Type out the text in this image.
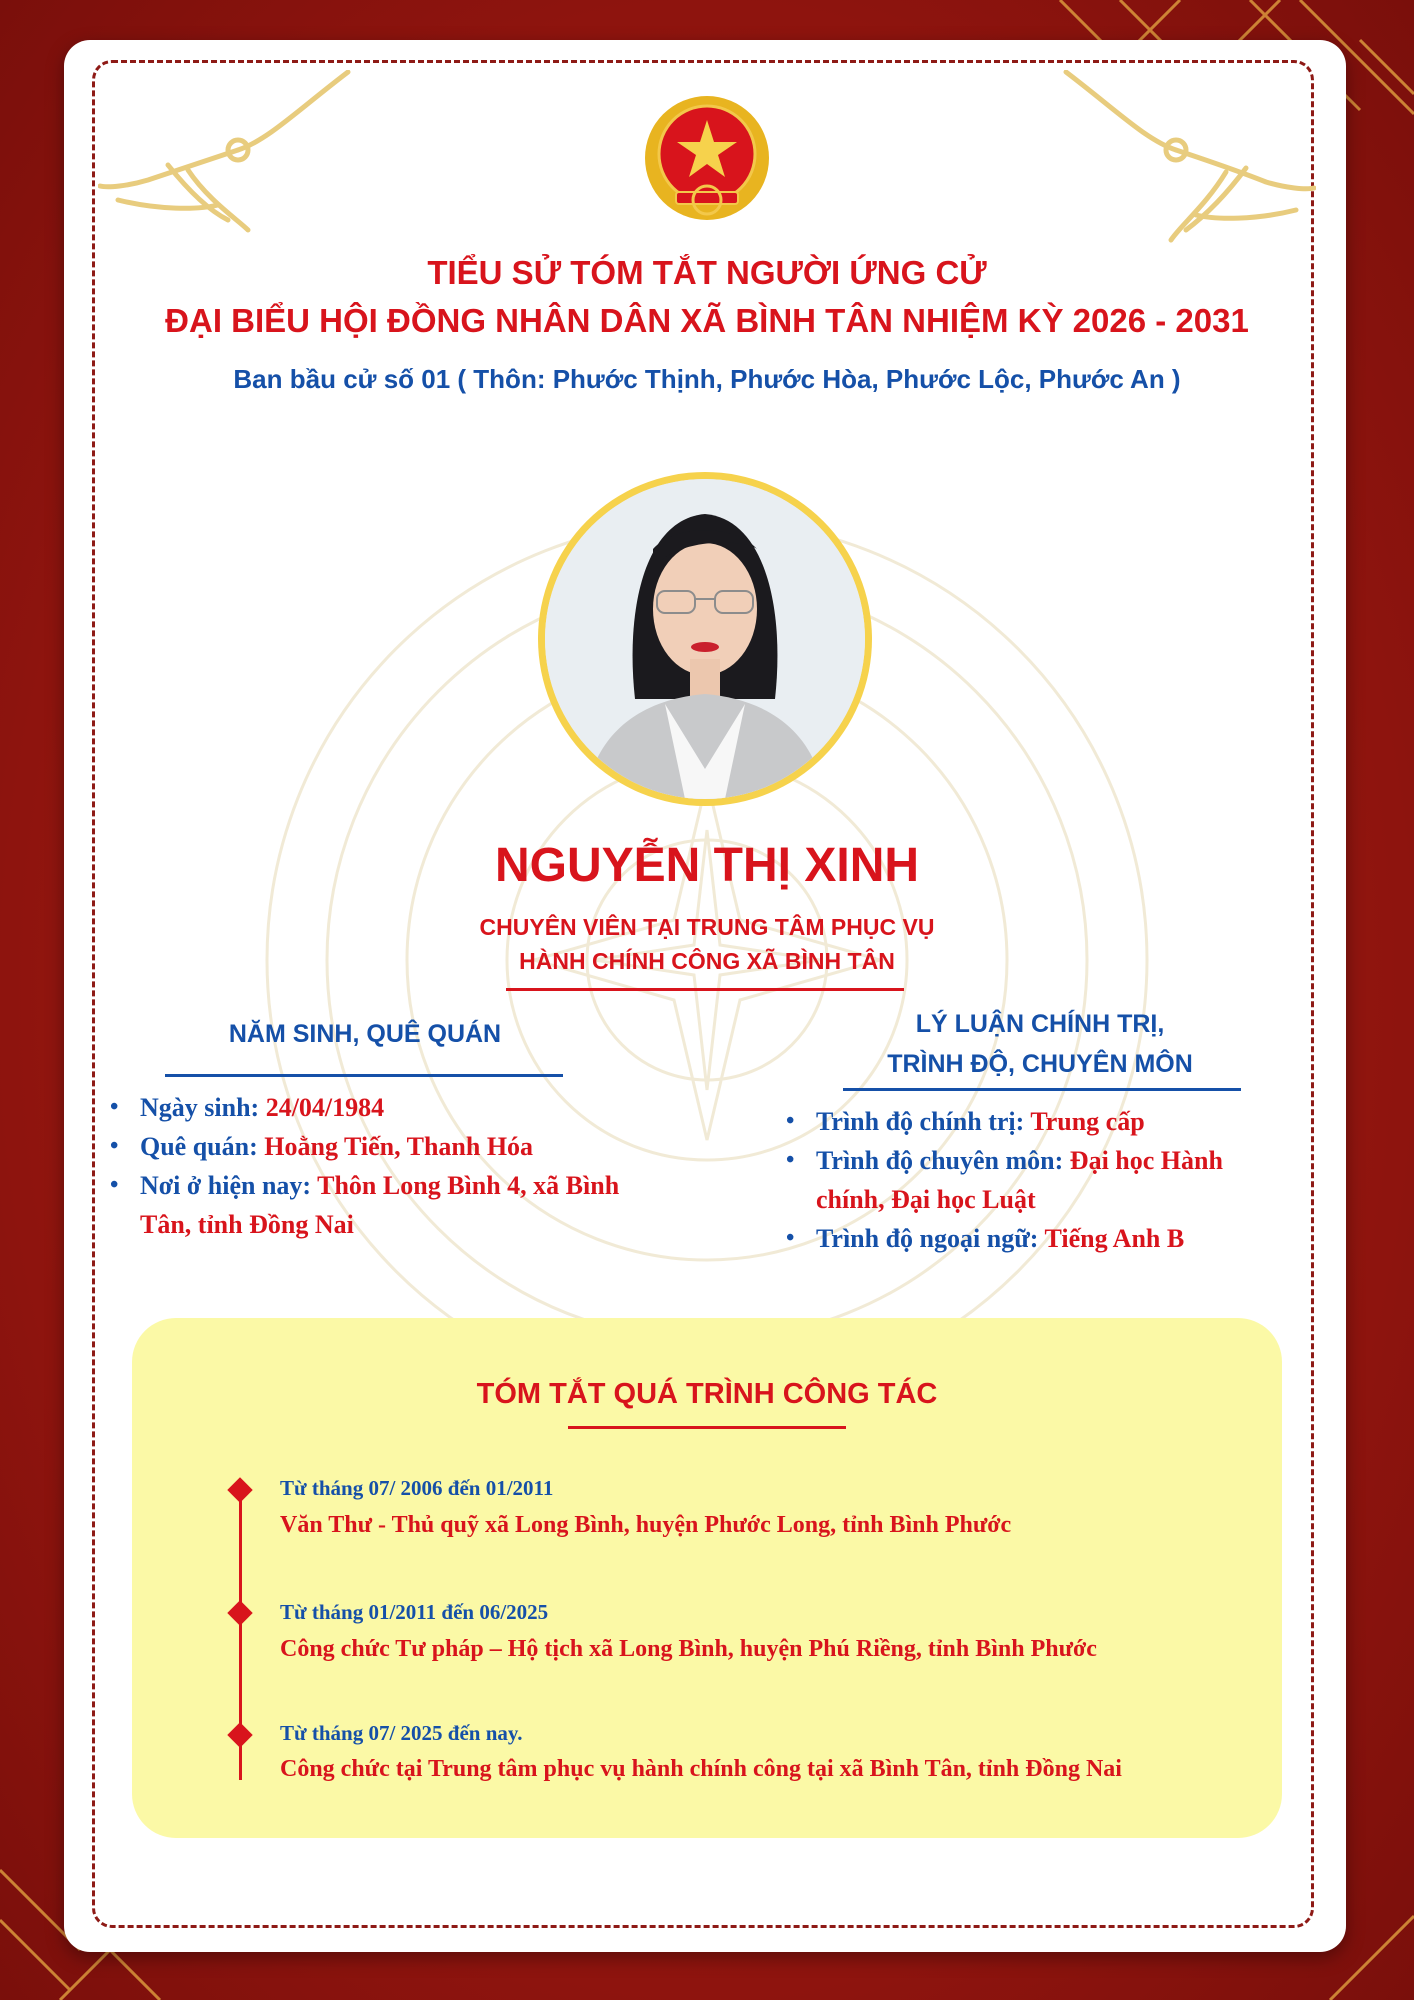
TIỂU SỬ TÓM TẮT NGƯỜI ỨNG CỬ
ĐẠI BIỂU HỘI ĐỒNG NHÂN DÂN XÃ BÌNH TÂN NHIỆM KỲ 2026 - 2031
Ban bầu cử số 01 ( Thôn: Phước Thịnh, Phước Hòa, Phước Lộc, Phước An )
NGUYỄN THỊ XINH
CHUYÊN VIÊN TẠI TRUNG TÂM PHỤC VỤ
HÀNH CHÍNH CÔNG XÃ BÌNH TÂN
NĂM SINH, QUÊ QUÁN
• Ngày sinh: 24/04/1984
• Quê quán: Hoằng Tiến, Thanh Hóa
• Nơi ở hiện nay: Thôn Long Bình 4, xã Bình Tân, tỉnh Đồng Nai
LÝ LUẬN CHÍNH TRỊ,
TRÌNH ĐỘ, CHUYÊN MÔN
• Trình độ chính trị: Trung cấp
• Trình độ chuyên môn: Đại học Hành chính, Đại học Luật
• Trình độ ngoại ngữ: Tiếng Anh B
TÓM TẮT QUÁ TRÌNH CÔNG TÁC
Từ tháng 07/ 2006 đến 01/2011
Văn Thư - Thủ quỹ xã Long Bình, huyện Phước Long, tỉnh Bình Phước
Từ tháng 01/2011 đến 06/2025
Công chức Tư pháp – Hộ tịch xã Long Bình, huyện Phú Riềng, tỉnh Bình Phước
Từ tháng 07/ 2025 đến nay.
Công chức tại Trung tâm phục vụ hành chính công tại xã Bình Tân, tỉnh Đồng Nai
